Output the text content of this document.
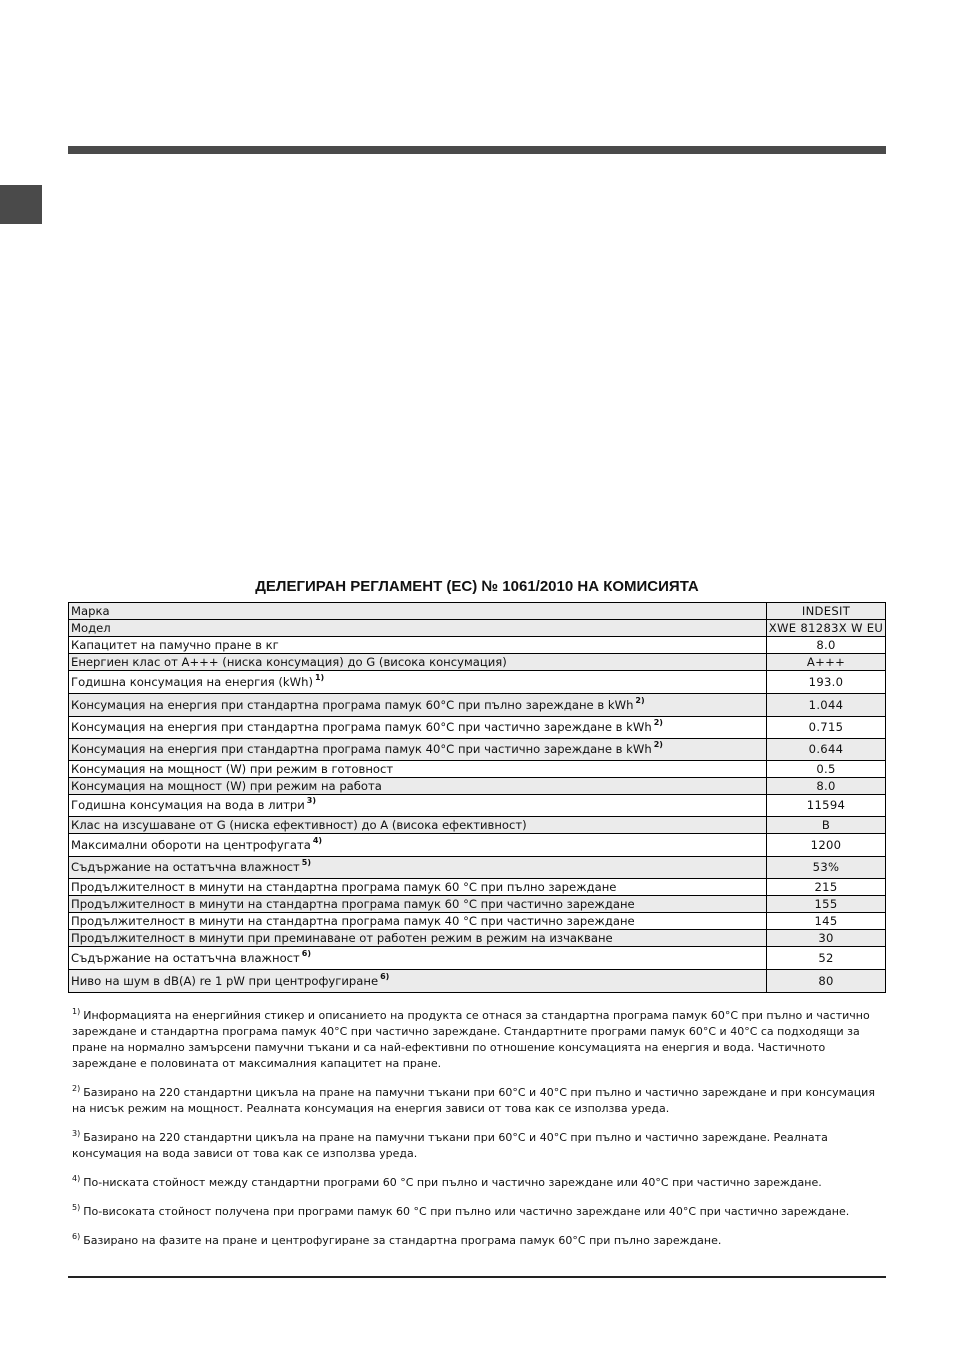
ДЕЛЕГИРАН РЕГЛАМЕНТ (ЕС) № 1061/2010 НА КОМИСИЯТА
Марка	INDESIT
Модел	XWE 81283X W EU
Капацитет на памучно пране в кг	8.0
Енергиен клас от A+++ (ниска консумация) до G (висока консумация)	A+++
Годишна консумация на енергия (kWh) $^{1)}$	193.0
Консумация на енергия при стандартна програма памук 60°C при пълно зареждане в kWh $^{2)}$	1.044
Консумация на енергия при стандартна програма памук 60°C при частично зареждане в kWh $^{2)}$	0.715
Консумация на енергия при стандартна програма памук 40°C при частично зареждане в kWh $^{2)}$	0.644
Консумация на мощност (W) при режим в готовност	0.5
Консумация на мощност (W) при режим на работа	8.0
Годишна консумация на вода в литри $^{3)}$	11594
Клас на изсушаване от G (ниска ефективност) до A (висока ефективност)	B
Максимални обороти на центрофугата $^{4)}$	1200
Съдържание на остатъчна влажност $^{5)}$	53%
Продължителност в минути на стандартна програма памук 60 °C при пълно зареждане	215
Продължителност в минути на стандартна програма памук 60 °C при частично зареждане	155
Продължителност в минути на стандартна програма памук 40 °C при частично зареждане	145
Продължителност в минути при преминаване от работен режим в режим на изчакване	30
Съдържание на остатъчна влажност $^{6)}$	52
Ниво на шум в dB(A) re 1 pW при центрофугиране $^{6)}$	80
$^{1)}$ Информацията на енергийния стикер и описанието на продукта се отнася за стандартна програма памук 60°C при пълно и частично зареждане и стандартна програма памук 40°C при частично зареждане. Стандартните програми памук 60°C и 40°C са подходящи за пране на нормално замърсени памучни тъкани и са най-ефективни по отношение консумацията на енергия и вода. Частичното зареждане е половината от максималния капацитет на пране.
$^{2)}$ Базирано на 220 стандартни цикъла на пране на памучни тъкани при 60°C и 40°C при пълно и частично зареждане и при консумация на нисък режим на мощност. Реалната консумация на енергия зависи от това как се използва уреда.
$^{3)}$ Базирано на 220 стандартни цикъла на пране на памучни тъкани при 60°C и 40°C при пълно и частично зареждане. Реалната консумация на вода зависи от това как се използва уреда.
$^{4)}$ По-ниската стойност между стандартни програми 60 °C при пълно и частично зареждане или 40°C при частично зареждане.
$^{5)}$ По-високата стойност получена при програми памук 60 °C при пълно или частично зареждане или 40°C при частично зареждане.
$^{6)}$ Базирано на фазите на пране и центрофугиране за стандартна програма памук 60°C при пълно зареждане.
